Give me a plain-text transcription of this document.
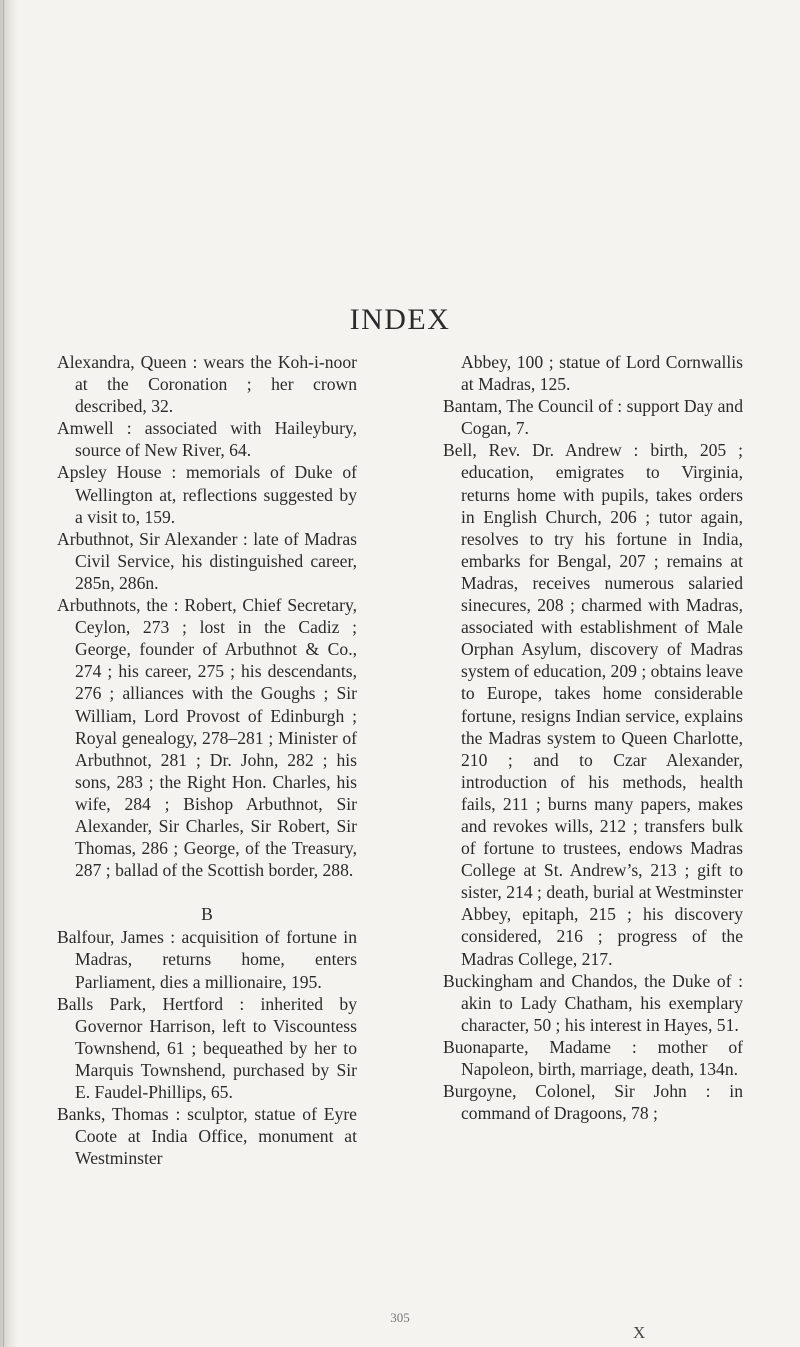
INDEX

Alexandra, Queen : wears the Koh-i-noor at the Coronation ; her crown described, 32.

Amwell : associated with Haileybury, source of New River, 64.

Apsley House : memorials of Duke of Wellington at, reflections suggested by a visit to, 159.

Arbuthnot, Sir Alexander : late of Madras Civil Service, his distinguished career, 285n, 286n.

Arbuthnots, the : Robert, Chief Secretary, Ceylon, 273 ; lost in the Cadiz ; George, founder of Arbuthnot & Co., 274 ; his career, 275 ; his descendants, 276 ; alliances with the Goughs ; Sir William, Lord Provost of Edinburgh ; Royal genealogy, 278–281 ; Minister of Arbuthnot, 281 ; Dr. John, 282 ; his sons, 283 ; the Right Hon. Charles, his wife, 284 ; Bishop Arbuthnot, Sir Alexander, Sir Charles, Sir Robert, Sir Thomas, 286 ; George, of the Treasury, 287 ; ballad of the Scottish border, 288.

B

Balfour, James : acquisition of fortune in Madras, returns home, enters Parliament, dies a millionaire, 195.

Balls Park, Hertford : inherited by Governor Harrison, left to Viscountess Townshend, 61 ; bequeathed by her to Marquis Townshend, purchased by Sir E. Faudel-Phillips, 65.

Banks, Thomas : sculptor, statue of Eyre Coote at India Office, monument at Westminster

Abbey, 100 ; statue of Lord Cornwallis at Madras, 125.

Bantam, The Council of : support Day and Cogan, 7.

Bell, Rev. Dr. Andrew : birth, 205 ; education, emigrates to Virginia, returns home with pupils, takes orders in English Church, 206 ; tutor again, resolves to try his fortune in India, embarks for Bengal, 207 ; remains at Madras, receives numerous salaried sinecures, 208 ; charmed with Madras, associated with establishment of Male Orphan Asylum, discovery of Madras system of education, 209 ; obtains leave to Europe, takes home considerable fortune, resigns Indian service, explains the Madras system to Queen Charlotte, 210 ; and to Czar Alexander, introduction of his methods, health fails, 211 ; burns many papers, makes and revokes wills, 212 ; transfers bulk of fortune to trustees, endows Madras College at St. Andrew’s, 213 ; gift to sister, 214 ; death, burial at Westminster Abbey, epitaph, 215 ; his discovery considered, 216 ; progress of the Madras College, 217.

Buckingham and Chandos, the Duke of : akin to Lady Chatham, his exemplary character, 50 ; his interest in Hayes, 51.

Buonaparte, Madame : mother of Napoleon, birth, marriage, death, 134n.

Burgoyne, Colonel, Sir John : in command of Dragoons, 78 ;

305
X
